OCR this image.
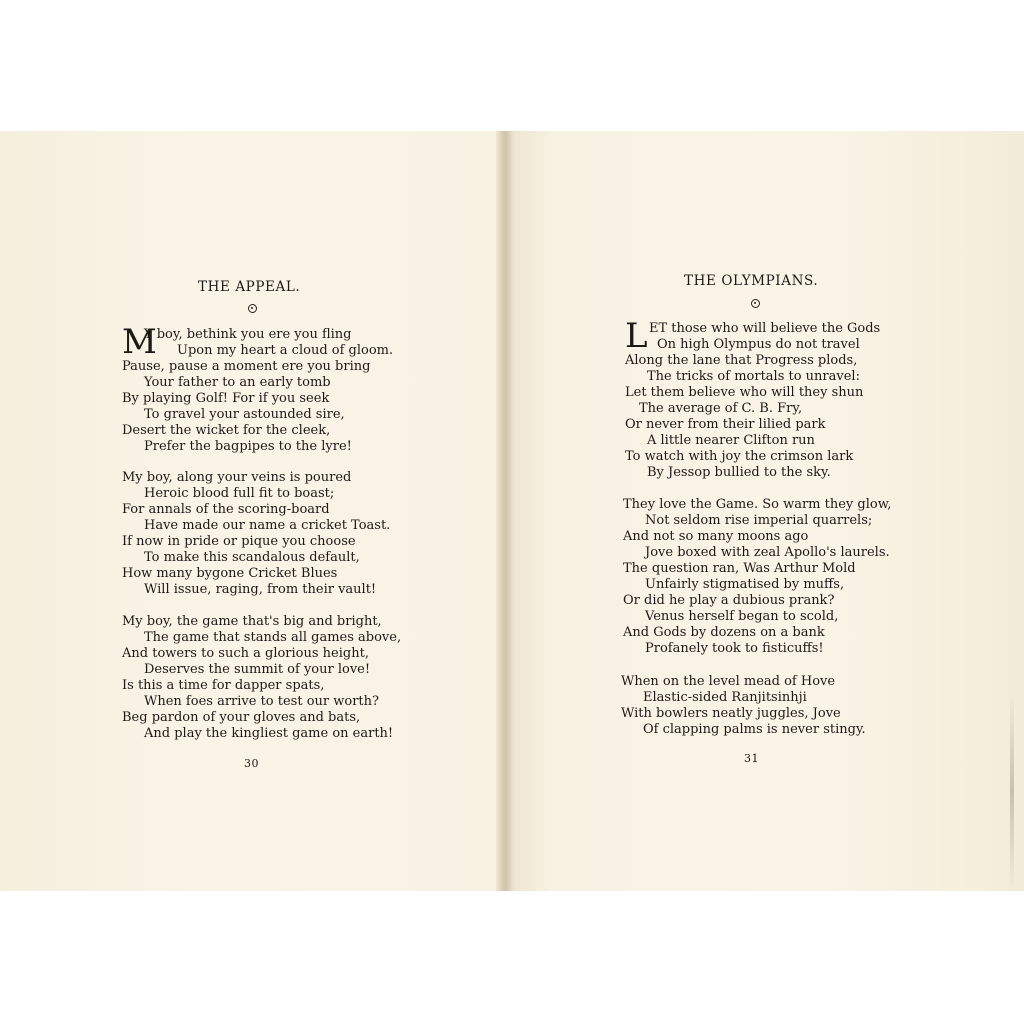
THE APPEAL.
M
Y boy, bethink you ere you fling
Upon my heart a cloud of gloom.
Pause, pause a moment ere you bring
Your father to an early tomb
By playing Golf! For if you seek
To gravel your astounded sire,
Desert the wicket for the cleek,
Prefer the bagpipes to the lyre!
My boy, along your veins is poured
Heroic blood full fit to boast;
For annals of the scoring-board
Have made our name a cricket Toast.
If now in pride or pique you choose
To make this scandalous default,
How many bygone Cricket Blues
Will issue, raging, from their vault!
My boy, the game that's big and bright,
The game that stands all games above,
And towers to such a glorious height,
Deserves the summit of your love!
Is this a time for dapper spats,
When foes arrive to test our worth?
Beg pardon of your gloves and bats,
And play the kingliest game on earth!
30
THE OLYMPIANS.
L ET those who will believe the Gods
On high Olympus do not travel
Along the lane that Progress plods,
The tricks of mortals to unravel:
Let them believe who will they shun
The average of C. B. Fry,
Or never from their lilied park
A little nearer Clifton run
To watch with joy the crimson lark
By Jessop bullied to the sky.
They love the Game. So warm they glow,
Not seldom rise imperial quarrels;
And not so many moons ago
Jove boxed with zeal Apollo's laurels.
The question ran, Was Arthur Mold
Unfairly stigmatised by muffs,
Or did he play a dubious prank?
Venus herself began to scold,
And Gods by dozens on a bank
Profanely took to fisticuffs!
When on the level mead of Hove
Elastic-sided Ranjitsinhji
With bowlers neatly juggles, Jove
Of clapping palms is never stingy.
31
